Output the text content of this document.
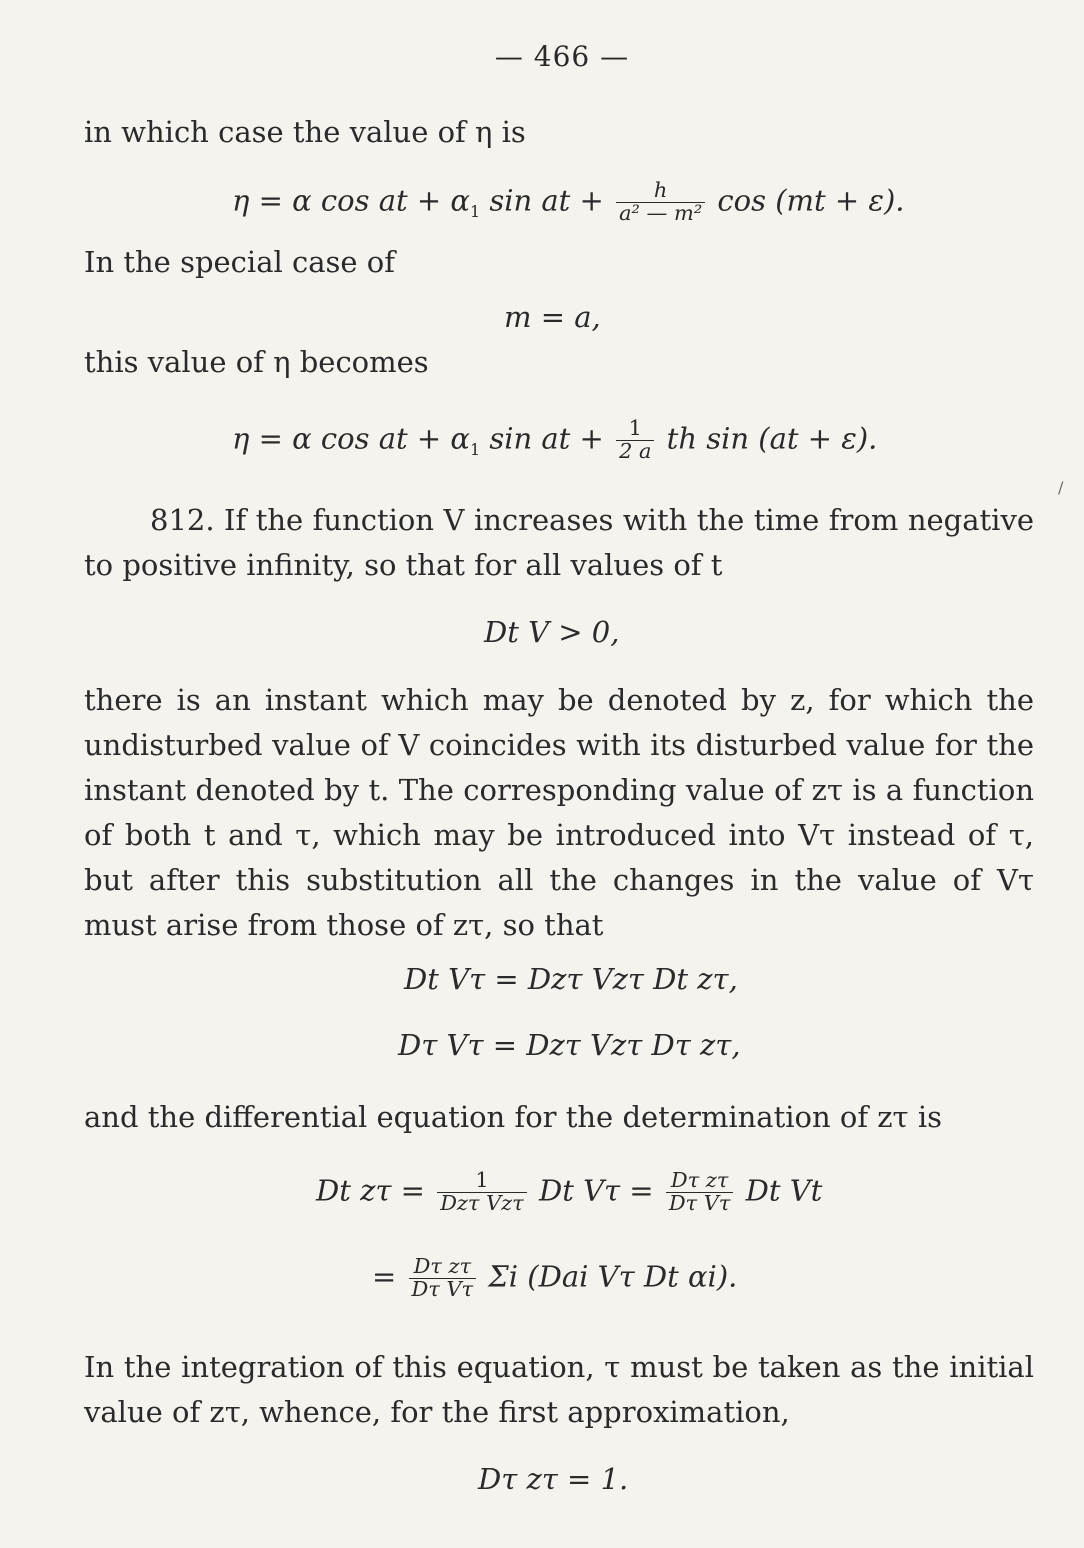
— 466 —
in which case the value of η is
η = α cos at + $\alpha_1$ sin at + $\frac{h}{\text{a² — m²}}$ cos (mt + ε).
In the special case of
m = a,
this value of η becomes
η = α cos at + $\alpha_1$ sin at + $\frac{1}{2 a}$ th sin (at + ε).
/
812. If the function V increases with the time from negative to positive infinity, so that for all values of t
Dt V > 0,
there is an instant which may be denoted by z, for which the undisturbed value of V coincides with its disturbed value for the instant denoted by t. The corresponding value of zτ is a function of both t and τ, which may be introduced into Vτ instead of τ, but after this substitution all the changes in the value of Vτ must arise from those of zτ, so that
Dt Vτ = Dzτ Vzτ Dt zτ,
Dτ Vτ = Dzτ Vzτ Dτ zτ,
and the differential equation for the determination of zτ is
Dt $z\tau = \frac{1}{\text{Dzτ Vzτ}}$ Dt $V\tau = \frac{\text{Dτ zτ}}{\text{Dτ Vτ}}$ Dt Vt
= $\frac{\text{Dτ zτ}}{\text{Dτ Vτ}}$ Σi (Dai Vτ Dt αi).
In the integration of this equation, τ must be taken as the initial value of zτ, whence, for the first approximation,
Dτ zτ = 1.
